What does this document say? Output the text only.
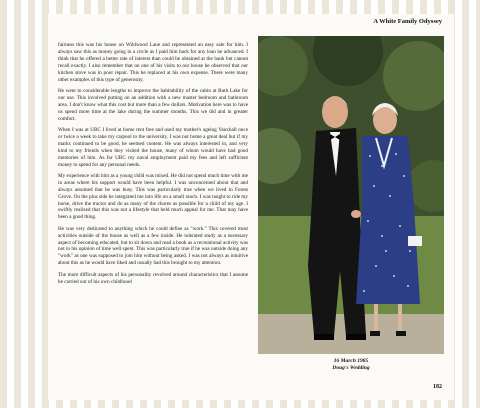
A White Family Odyssey

fairness this was his house on Wildwood Lane and represented an easy sale for him. I always saw this as money going in a circle as I paid him back for any loan he advanced. I think that he offered a better rate of interest than could be obtained at the bank but cannot recall exactly. I also remember that on one of his visits to our house he observed that our kitchen stove was in poor repair. This he replaced at his own expense. There were many other examples of this type of generosity.

He went to considerable lengths to improve the habitability of the cabin at Ruth Lake for our use. This involved putting on an addition with a new master bedroom and bathroom area. I don't know what this cost but more than a few dollars. Motivation here was to have us spend more time at the lake during the summer months. This we did and in greater comfort.

When I was at UBC I lived at home rent free and used my mother's ageing Vauxhall once or twice a week to take my carpool to the university. I was not home a great deal but if my marks continued to be good, he seemed content. He was always interested in, and very kind to my friends when they visited the house, many of whom would have had good memories of him. As for UBC my naval employment paid my fees and left sufficient money to spend for any personal needs.

My experience with him as a young child was mixed. He did not spend much time with me in areas where his support would have been helpful. I was unconcerned about that and always assumed that he was busy. This was particularly true when we lived in Forest Grove. On the plus side he integrated me into life on a small ranch. I was taught to ride my horse, drive the tractor and do as many of the chores as possible for a child of my age. I swiftly realized that this was not a lifestyle that held much appeal for me. That may have been a good thing.

He was very dedicated to anything which he could define as "work." This covered most activities outside of the house as well as a few inside. He tolerated study as a necessary aspect of becoming educated, but to sit down and read a book as a recreational activity was not in his opinion of time well spent. This was particularly true if he was outside doing any "work" as one was supposed to join him without being asked. I was not always as intuitive about this as he would have liked and usually had this brought to my attention.

The more difficult aspects of his personality revolved around characteristics that I assume he carried out of his own childhood

16 March 1985
Doug's Wedding
182
